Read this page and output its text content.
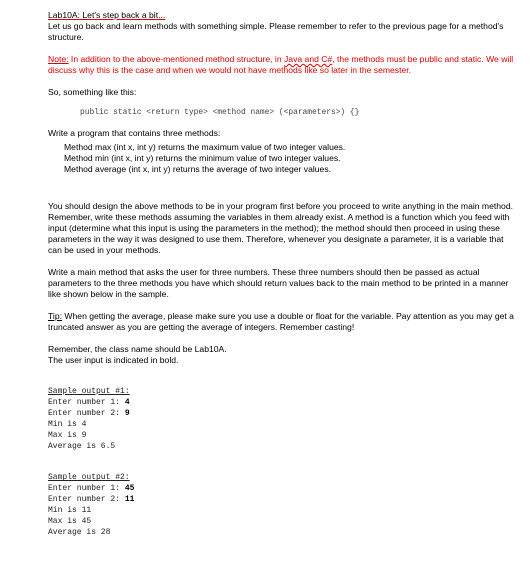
Lab10A: Let's step back a bit...
Let us go back and learn methods with something simple. Please remember to refer to the previous page for a method's structure.
Note: In addition to the above-mentioned method structure, in Java and C#, the methods must be public and static. We will discuss why this is the case and when we would not have methods like so later in the semester.
So, something like this:
public static <return type> <method name> (<parameters>) {}
Write a program that contains three methods:
Method max (int x, int y) returns the maximum value of two integer values.
Method min (int x, int y) returns the minimum value of two integer values.
Method average (int x, int y) returns the average of two integer values.
You should design the above methods to be in your program first before you proceed to write anything in the main method. Remember, write these methods assuming the variables in them already exist. A method is a function which you feed with input (determine what this input is using the parameters in the method); the method should then proceed in using these parameters in the way it was designed to use them. Therefore, whenever you designate a parameter, it is a variable that can be used in your methods.
Write a main method that asks the user for three numbers. These three numbers should then be passed as actual parameters to the three methods you have which should return values back to the main method to be printed in a manner like shown below in the sample.
Tip: When getting the average, please make sure you use a double or float for the variable. Pay attention as you may get a truncated answer as you are getting the average of integers. Remember casting!
Remember, the class name should be Lab10A.
The user input is indicated in bold.
Sample output #1:
Enter number 1: 4
Enter number 2: 9
Min is 4
Max is 9
Average is 6.5
Sample output #2:
Enter number 1: 45
Enter number 2: 11
Min is 11
Max is 45
Average is 28
